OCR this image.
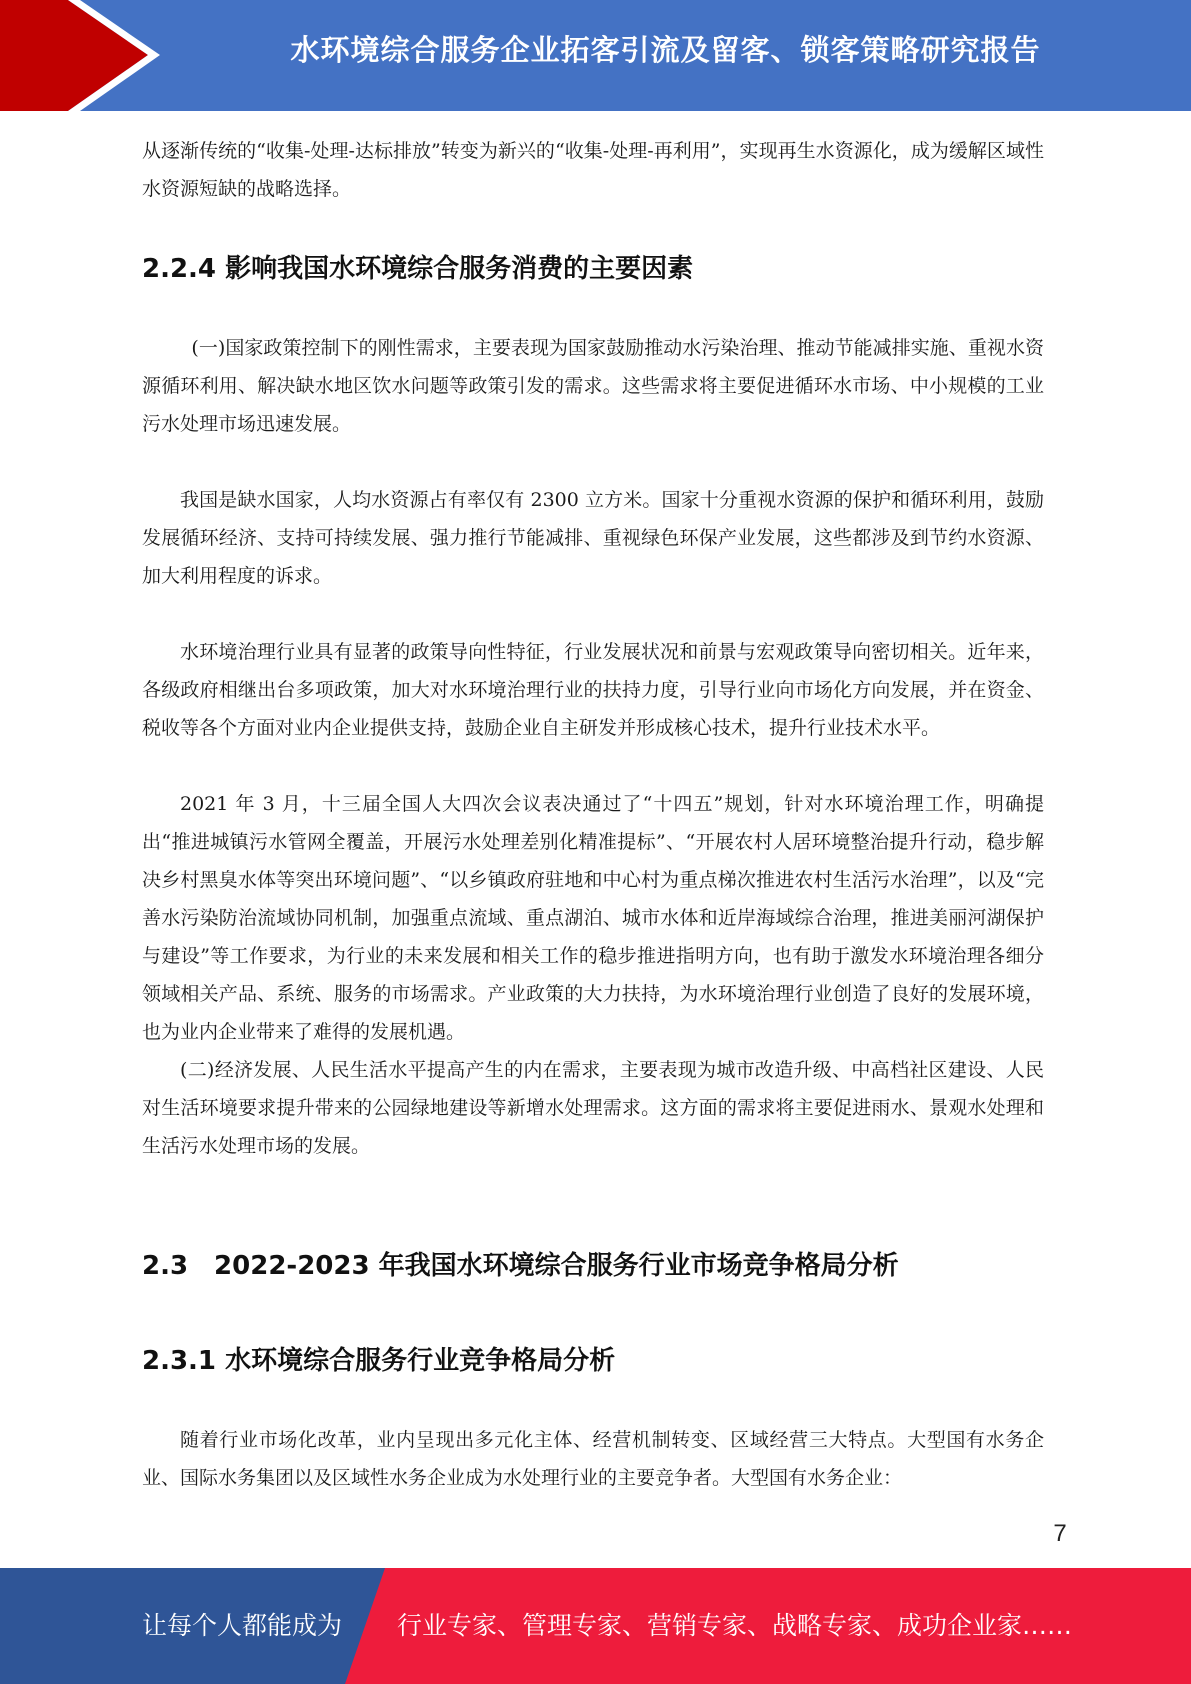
水环境综合服务企业拓客引流及留客、锁客策略研究报告

从逐渐传统的“收集-处理-达标排放”转变为新兴的“收集-处理-再利用”，实现再生水资源化，成为缓解区域性水资源短缺的战略选择。

2.2.4 影响我国水环境综合服务消费的主要因素

(一)国家政策控制下的刚性需求，主要表现为国家鼓励推动水污染治理、推动节能减排实施、重视水资源循环利用、解决缺水地区饮水问题等政策引发的需求。这些需求将主要促进循环水市场、中小规模的工业污水处理市场迅速发展。

我国是缺水国家，人均水资源占有率仅有 2300 立方米。国家十分重视水资源的保护和循环利用，鼓励发展循环经济、支持可持续发展、强力推行节能减排、重视绿色环保产业发展，这些都涉及到节约水资源、加大利用程度的诉求。

水环境治理行业具有显著的政策导向性特征，行业发展状况和前景与宏观政策导向密切相关。近年来，各级政府相继出台多项政策，加大对水环境治理行业的扶持力度，引导行业向市场化方向发展，并在资金、税收等各个方面对业内企业提供支持，鼓励企业自主研发并形成核心技术，提升行业技术水平。

2021 年 3 月，十三届全国人大四次会议表决通过了“十四五”规划，针对水环境治理工作，明确提出“推进城镇污水管网全覆盖，开展污水处理差别化精准提标”、“开展农村人居环境整治提升行动，稳步解决乡村黑臭水体等突出环境问题”、“以乡镇政府驻地和中心村为重点梯次推进农村生活污水治理”，以及“完善水污染防治流域协同机制，加强重点流域、重点湖泊、城市水体和近岸海域综合治理，推进美丽河湖保护与建设”等工作要求，为行业的未来发展和相关工作的稳步推进指明方向，也有助于激发水环境治理各细分领域相关产品、系统、服务的市场需求。产业政策的大力扶持，为水环境治理行业创造了良好的发展环境，也为业内企业带来了难得的发展机遇。

(二)经济发展、人民生活水平提高产生的内在需求，主要表现为城市改造升级、中高档社区建设、人民对生活环境要求提升带来的公园绿地建设等新增水处理需求。这方面的需求将主要促进雨水、景观水处理和生活污水处理市场的发展。

2.3　2022-2023 年我国水环境综合服务行业市场竞争格局分析
2.3.1 水环境综合服务行业竞争格局分析

随着行业市场化改革，业内呈现出多元化主体、经营机制转变、区域经营三大特点。大型国有水务企业、国际水务集团以及区域性水务企业成为水处理行业的主要竞争者。大型国有水务企业：

7
让每个人都能成为 行业专家、管理专家、营销专家、战略专家、成功企业家……
